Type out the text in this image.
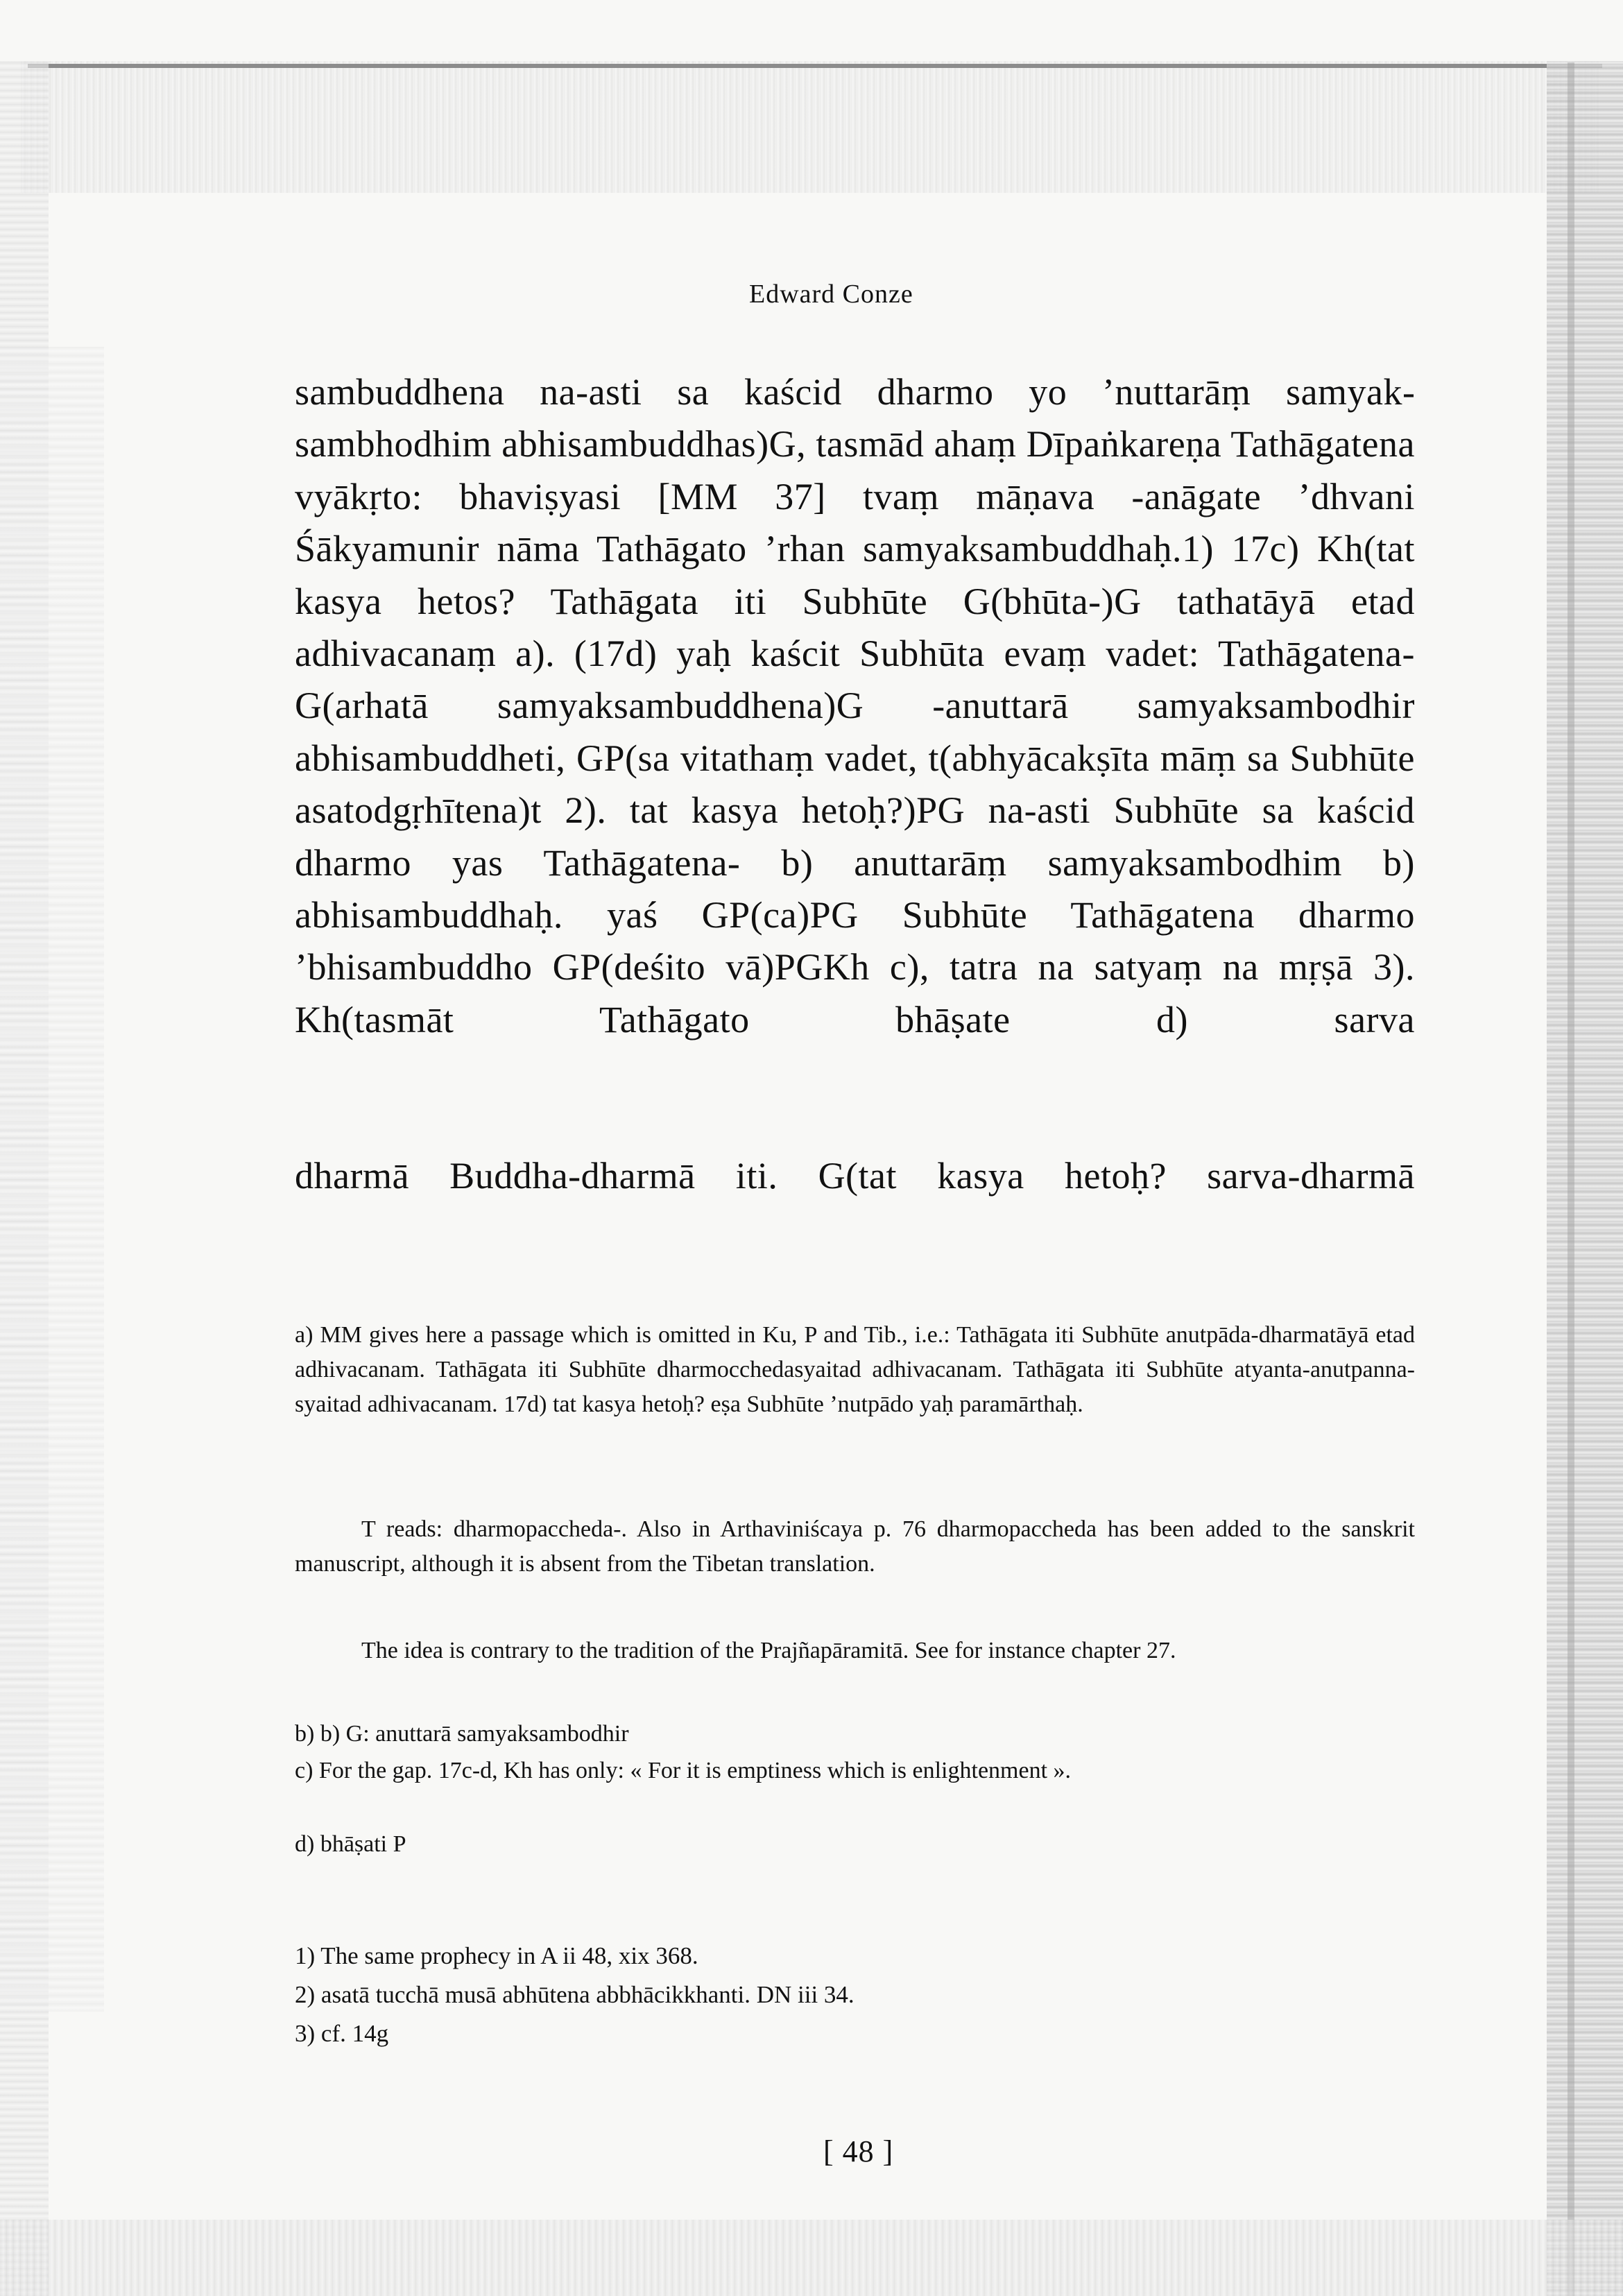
Edward Conze

sambuddhena na-asti sa kaścid dharmo yo ’nuttarāṃ samyaksambhodhim abhisambuddhas)G, tasmād ahaṃ Dīpaṅkareṇa Tathāgatena vyākṛto: bhaviṣyasi [MM 37] tvaṃ māṇava -anāgate ’dhvani Śākyamunir nāma Tathāgato ’rhan samyaksambuddhaḥ.1) 17c) Kh(tat kasya hetos? Tathāgata iti Subhūte G(bhūta-)G tathatāyā etad adhivacanaṃ a). (17d) yaḥ kaścit Subhūta evaṃ vadet: Tathāgatena- G(arhatā samyaksambuddhena)G -anuttarā samyaksambodhir abhisambuddheti, GP(sa vitathaṃ vadet, t(abhyācakṣīta māṃ sa Subhūte asatodgṛhītena)t 2). tat kasya hetoḥ?)PG na-asti Subhūte sa kaścid dharmo yas Tathāgatena- b) anuttarāṃ samyaksambodhim b) abhisambuddhaḥ. yaś GP(ca)PG Subhūte Tathāgatena dharmo ’bhisambuddho GP(deśito vā)PGKh c), tatra na satyaṃ na mṛṣā 3). Kh(tasmāt Tathāgato bhāṣate d) sarva

dharmā Buddha-dharmā iti. G(tat kasya hetoḥ? sarva-dharmā

a) MM gives here a passage which is omitted in Ku, P and Tib., i.e.: Tathāgata iti Subhūte anutpāda-dharmatāyā etad adhivacanam. Tathāgata iti Subhūte dharmocchedasyaitad adhivacanam. Tathāgata iti Subhūte atyanta-anutpannasyaitad adhivacanam. 17d) tat kasya hetoḥ? eṣa Subhūte ’nutpādo yaḥ paramārthaḥ.

T reads: dharmopaccheda-. Also in Arthaviniścaya p. 76 dharmopaccheda has been added to the sanskrit manuscript, although it is absent from the Tibetan translation.

The idea is contrary to the tradition of the Prajñapāramitā. See for instance chapter 27.

b) b) G: anuttarā samyaksambodhir

c) For the gap. 17c-d, Kh has only: « For it is emptiness which is enlightenment ».

d) bhāṣati P

1) The same prophecy in A ii 48, xix 368.

2) asatā tucchā musā abhūtena abbhācikkhanti. DN iii 34.

3) cf. 14g

[ 48 ]
